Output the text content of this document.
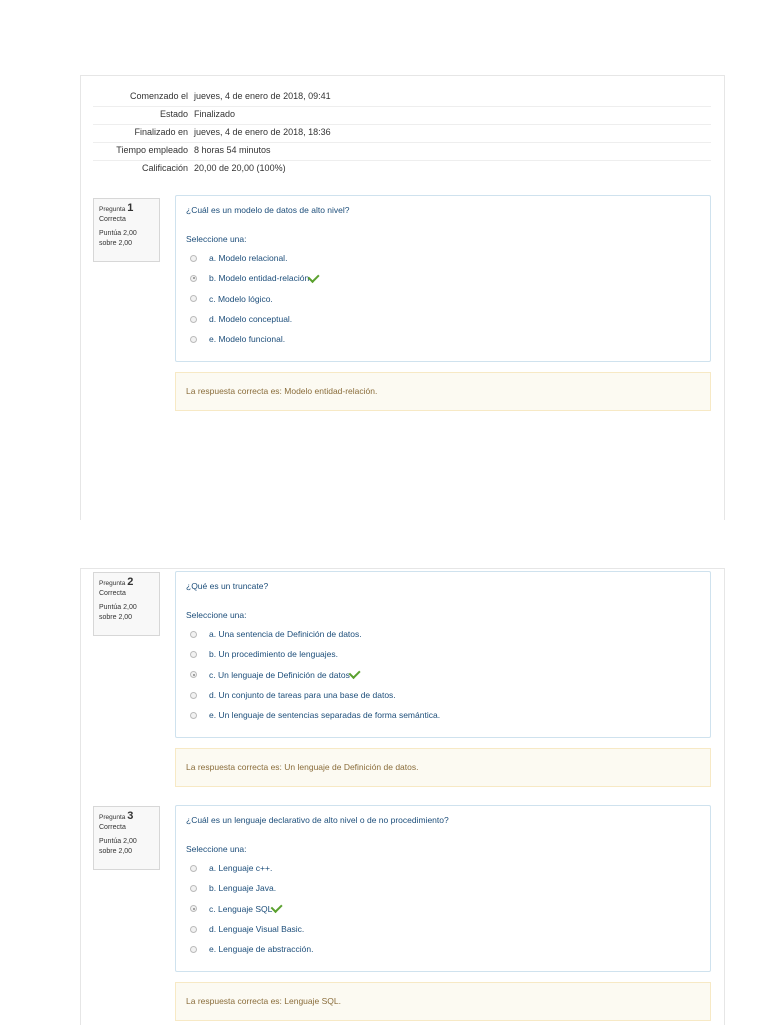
Comenzado el jueves, 4 de enero de 2018, 09:41
Estado Finalizado
Finalizado en jueves, 4 de enero de 2018, 18:36
Tiempo empleado 8 horas 54 minutos
Calificación 20,00 de 20,00 (100%)
Pregunta 1
Correcta
Puntúa 2,00
sobre 2,00
¿Cuál es un modelo de datos de alto nivel?
Seleccione una:
a. Modelo relacional.
b. Modelo entidad-relación
c. Modelo lógico.
d. Modelo conceptual.
e. Modelo funcional.
La respuesta correcta es: Modelo entidad-relación.
Pregunta 2
Correcta
Puntúa 2,00
sobre 2,00
¿Qué es un truncate?
Seleccione una:
a. Una sentencia de Definición de datos.
b. Un procedimiento de lenguajes.
c. Un lenguaje de Definición de datos
d. Un conjunto de tareas para una base de datos.
e. Un lenguaje de sentencias separadas de forma semántica.
La respuesta correcta es: Un lenguaje de Definición de datos.
Pregunta 3
Correcta
Puntúa 2,00
sobre 2,00
¿Cuál es un lenguaje declarativo de alto nivel o de no procedimiento?
Seleccione una:
a. Lenguaje c++.
b. Lenguaje Java.
c. Lenguaje SQL
d. Lenguaje Visual Basic.
e. Lenguaje de abstracción.
La respuesta correcta es: Lenguaje SQL.
